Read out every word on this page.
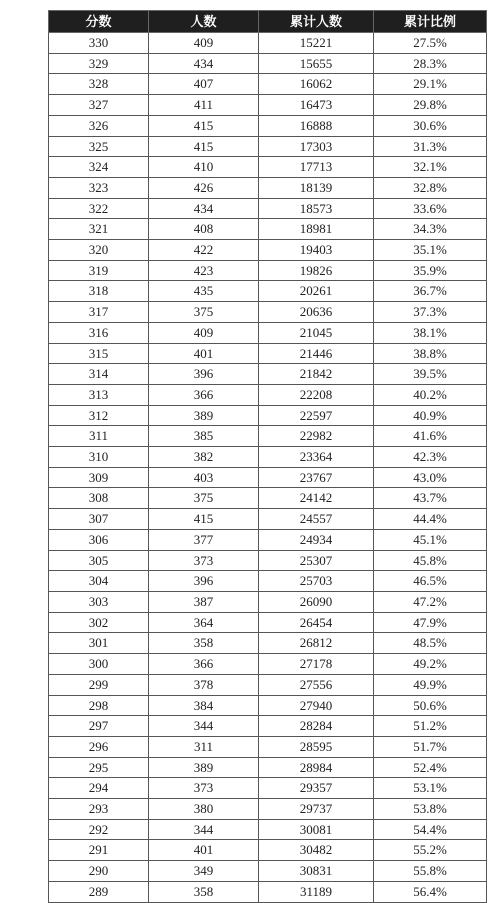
分数	人数	累计人数	累计比例
330	409	15221	27.5%
329	434	15655	28.3%
328	407	16062	29.1%
327	411	16473	29.8%
326	415	16888	30.6%
325	415	17303	31.3%
324	410	17713	32.1%
323	426	18139	32.8%
322	434	18573	33.6%
321	408	18981	34.3%
320	422	19403	35.1%
319	423	19826	35.9%
318	435	20261	36.7%
317	375	20636	37.3%
316	409	21045	38.1%
315	401	21446	38.8%
314	396	21842	39.5%
313	366	22208	40.2%
312	389	22597	40.9%
311	385	22982	41.6%
310	382	23364	42.3%
309	403	23767	43.0%
308	375	24142	43.7%
307	415	24557	44.4%
306	377	24934	45.1%
305	373	25307	45.8%
304	396	25703	46.5%
303	387	26090	47.2%
302	364	26454	47.9%
301	358	26812	48.5%
300	366	27178	49.2%
299	378	27556	49.9%
298	384	27940	50.6%
297	344	28284	51.2%
296	311	28595	51.7%
295	389	28984	52.4%
294	373	29357	53.1%
293	380	29737	53.8%
292	344	30081	54.4%
291	401	30482	55.2%
290	349	30831	55.8%
289	358	31189	56.4%
